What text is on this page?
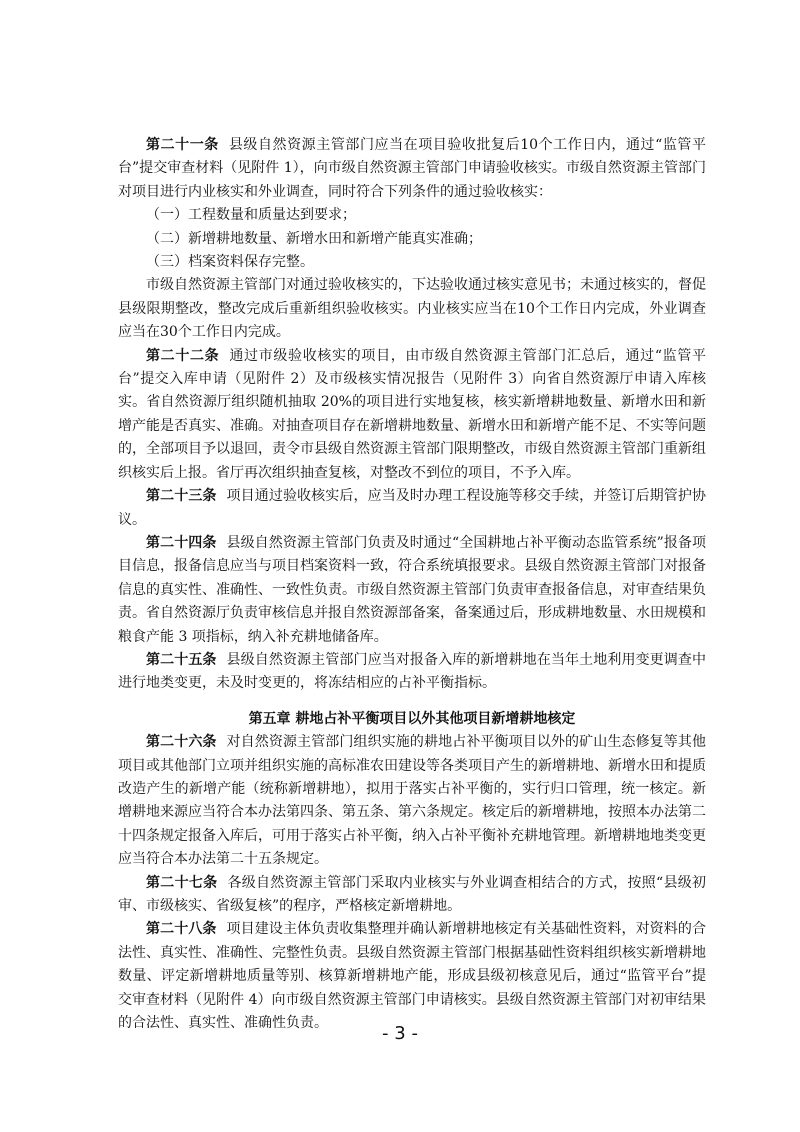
第二十一条 县级自然资源主管部门应当在项目验收批复后10个工作日内，通过“监管平台”提交审查材料（见附件 1），向市级自然资源主管部门申请验收核实。市级自然资源主管部门对项目进行内业核实和外业调查，同时符合下列条件的通过验收核实：

（一）工程数量和质量达到要求；

（二）新增耕地数量、新增水田和新增产能真实准确；

（三）档案资料保存完整。

市级自然资源主管部门对通过验收核实的，下达验收通过核实意见书；未通过核实的，督促县级限期整改，整改完成后重新组织验收核实。内业核实应当在10个工作日内完成，外业调查应当在30个工作日内完成。

第二十二条 通过市级验收核实的项目，由市级自然资源主管部门汇总后，通过“监管平台”提交入库申请（见附件 2）及市级核实情况报告（见附件 3）向省自然资源厅申请入库核实。省自然资源厅组织随机抽取 20%的项目进行实地复核，核实新增耕地数量、新增水田和新增产能是否真实、准确。对抽查项目存在新增耕地数量、新增水田和新增产能不足、不实等问题的，全部项目予以退回，责令市县级自然资源主管部门限期整改，市级自然资源主管部门重新组织核实后上报。省厅再次组织抽查复核，对整改不到位的项目，不予入库。

第二十三条 项目通过验收核实后，应当及时办理工程设施等移交手续，并签订后期管护协议。

第二十四条 县级自然资源主管部门负责及时通过“全国耕地占补平衡动态监管系统”报备项目信息，报备信息应当与项目档案资料一致，符合系统填报要求。县级自然资源主管部门对报备信息的真实性、准确性、一致性负责。市级自然资源主管部门负责审查报备信息，对审查结果负责。省自然资源厅负责审核信息并报自然资源部备案，备案通过后，形成耕地数量、水田规模和粮食产能 3 项指标，纳入补充耕地储备库。

第二十五条 县级自然资源主管部门应当对报备入库的新增耕地在当年土地利用变更调查中进行地类变更，未及时变更的，将冻结相应的占补平衡指标。

第五章 耕地占补平衡项目以外其他项目新增耕地核定

第二十六条 对自然资源主管部门组织实施的耕地占补平衡项目以外的矿山生态修复等其他项目或其他部门立项并组织实施的高标准农田建设等各类项目产生的新增耕地、新增水田和提质改造产生的新增产能（统称新增耕地），拟用于落实占补平衡的，实行归口管理，统一核定。新增耕地来源应当符合本办法第四条、第五条、第六条规定。核定后的新增耕地，按照本办法第二十四条规定报备入库后，可用于落实占补平衡，纳入占补平衡补充耕地管理。新增耕地地类变更应当符合本办法第二十五条规定。

第二十七条 各级自然资源主管部门采取内业核实与外业调查相结合的方式，按照“县级初审、市级核实、省级复核”的程序，严格核定新增耕地。

第二十八条 项目建设主体负责收集整理并确认新增耕地核定有关基础性资料，对资料的合法性、真实性、准确性、完整性负责。县级自然资源主管部门根据基础性资料组织核实新增耕地数量、评定新增耕地质量等别、核算新增耕地产能，形成县级初核意见后，通过“监管平台”提交审查材料（见附件 4）向市级自然资源主管部门申请核实。县级自然资源主管部门对初审结果的合法性、真实性、准确性负责。	- 3 -
